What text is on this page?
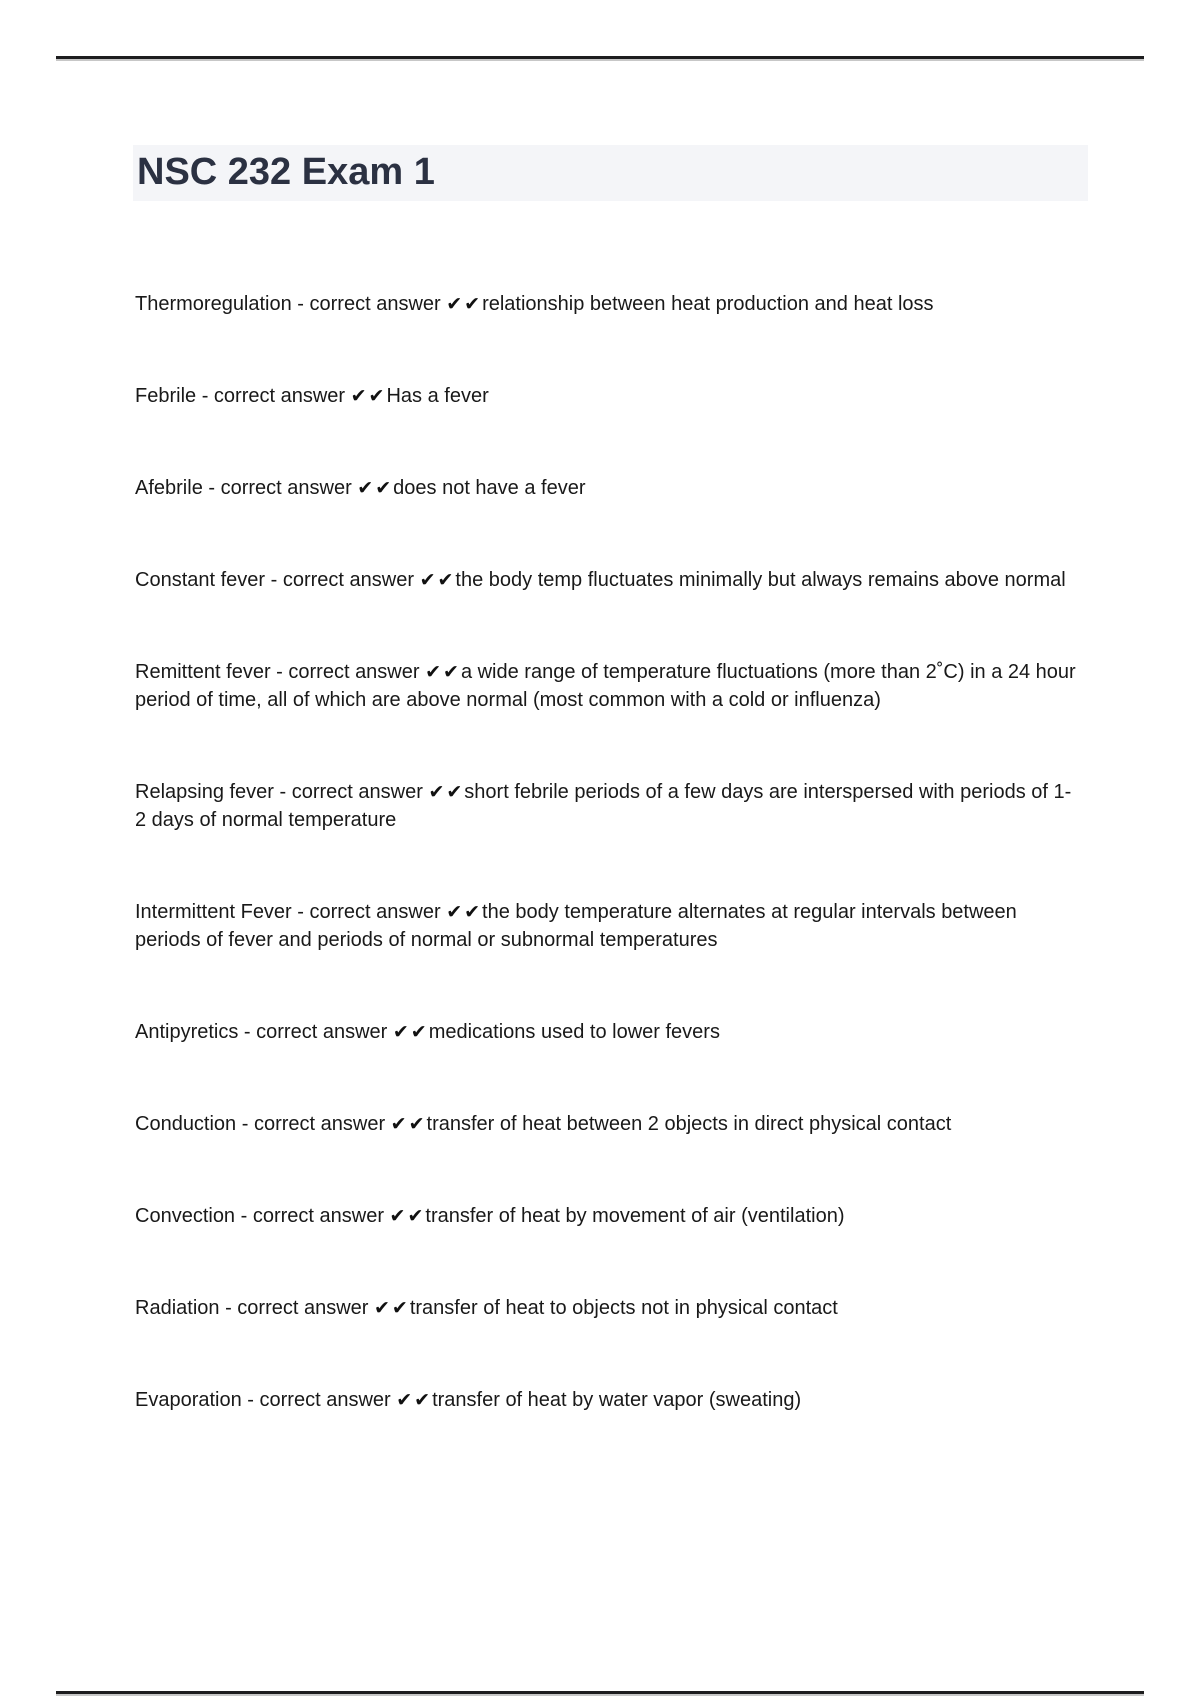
NSC 232 Exam 1

Thermoregulation - correct answer ✔✔relationship between heat production and heat loss

Febrile - correct answer ✔✔Has a fever

Afebrile - correct answer ✔✔does not have a fever

Constant fever - correct answer ✔✔the body temp fluctuates minimally but always remains above normal

Remittent fever - correct answer ✔✔a wide range of temperature fluctuations (more than 2˚C) in a 24 hour period of time, all of which are above normal (most common with a cold or influenza)

Relapsing fever - correct answer ✔✔short febrile periods of a few days are interspersed with periods of 1-2 days of normal temperature

Intermittent Fever - correct answer ✔✔the body temperature alternates at regular intervals between periods of fever and periods of normal or subnormal temperatures

Antipyretics - correct answer ✔✔medications used to lower fevers

Conduction - correct answer ✔✔transfer of heat between 2 objects in direct physical contact

Convection - correct answer ✔✔transfer of heat by movement of air (ventilation)

Radiation - correct answer ✔✔transfer of heat to objects not in physical contact

Evaporation - correct answer ✔✔transfer of heat by water vapor (sweating)
